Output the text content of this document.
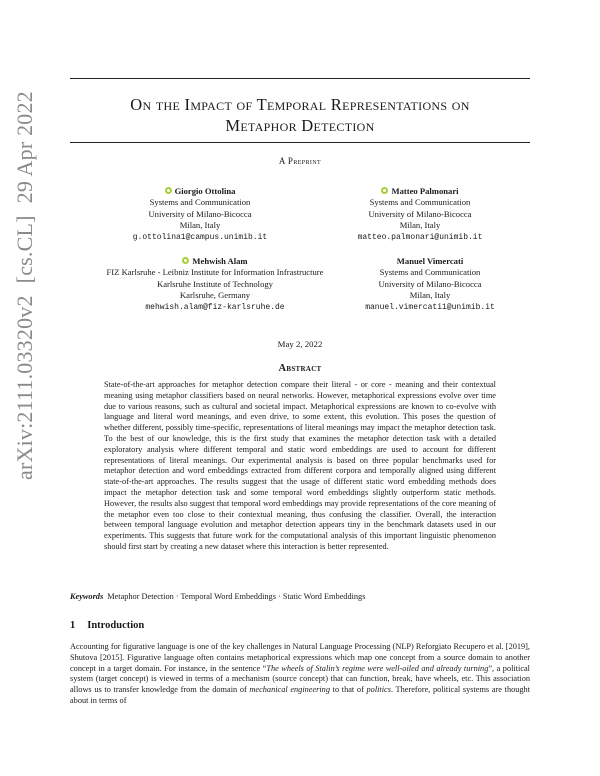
arXiv:2111.03320v2[cs.CL]29 Apr 2022	On the Impact of Temporal Representations on
Metaphor Detection
A Preprint
Giorgio Ottolina
Systems and Communication
University of Milano-Bicocca
Milan, Italy
g.ottolina1@campus.unimib.it
Matteo Palmonari
Systems and Communication
University of Milano-Bicocca
Milan, Italy
matteo.palmonari@unimib.it
Mehwish Alam
FIZ Karlsruhe - Leibniz Institute for Information Infrastructure
Karlsruhe Institute of Technology
Karlsruhe, Germany
mehwish.alam@fiz-karlsruhe.de
Manuel Vimercati
Systems and Communication
University of Milano-Bicocca
Milan, Italy
manuel.vimercati1@unimib.it
May 2, 2022
Abstract

State-of-the-art approaches for metaphor detection compare their literal - or core - meaning and their contextual meaning using metaphor classifiers based on neural networks. However, metaphorical expressions evolve over time due to various reasons, such as cultural and societal impact. Metaphorical expressions are known to co-evolve with language and literal word meanings, and even drive, to some extent, this evolution. This poses the question of whether different, possibly time-specific, representations of literal meanings may impact the metaphor detection task. To the best of our knowledge, this is the first study that examines the metaphor detection task with a detailed exploratory analysis where different temporal and static word embeddings are used to account for different representations of literal meanings. Our experimental analysis is based on three popular benchmarks used for metaphor detection and word embeddings extracted from different corpora and temporally aligned using different state-of-the-art approaches. The results suggest that the usage of different static word embedding methods does impact the metaphor detection task and some temporal word embeddings slightly outperform static methods. However, the results also suggest that temporal word embeddings may provide representations of the core meaning of the metaphor even too close to their contextual meaning, thus confusing the classifier. Overall, the interaction between temporal language evolution and metaphor detection appears tiny in the benchmark datasets used in our experiments. This suggests that future work for the computational analysis of this important linguistic phenomenon should first start by creating a new dataset where this interaction is better represented.

Keywords Metaphor Detection · Temporal Word Embeddings · Static Word Embeddings
1 Introduction

Accounting for figurative language is one of the key challenges in Natural Language Processing (NLP) Reforgiato Recupero et al. [2019], Shutova [2015]. Figurative language often contains metaphorical expressions which map one concept from a source domain to another concept in a target domain. For instance, in the sentence “The wheels of Stalin’s regime were well-oiled and already turning”, a political system (target concept) is viewed in terms of a mechanism (source concept) that can function, break, have wheels, etc. This association allows us to transfer knowledge from the domain of mechanical engineering to that of politics. Therefore, political systems are thought about in terms of
